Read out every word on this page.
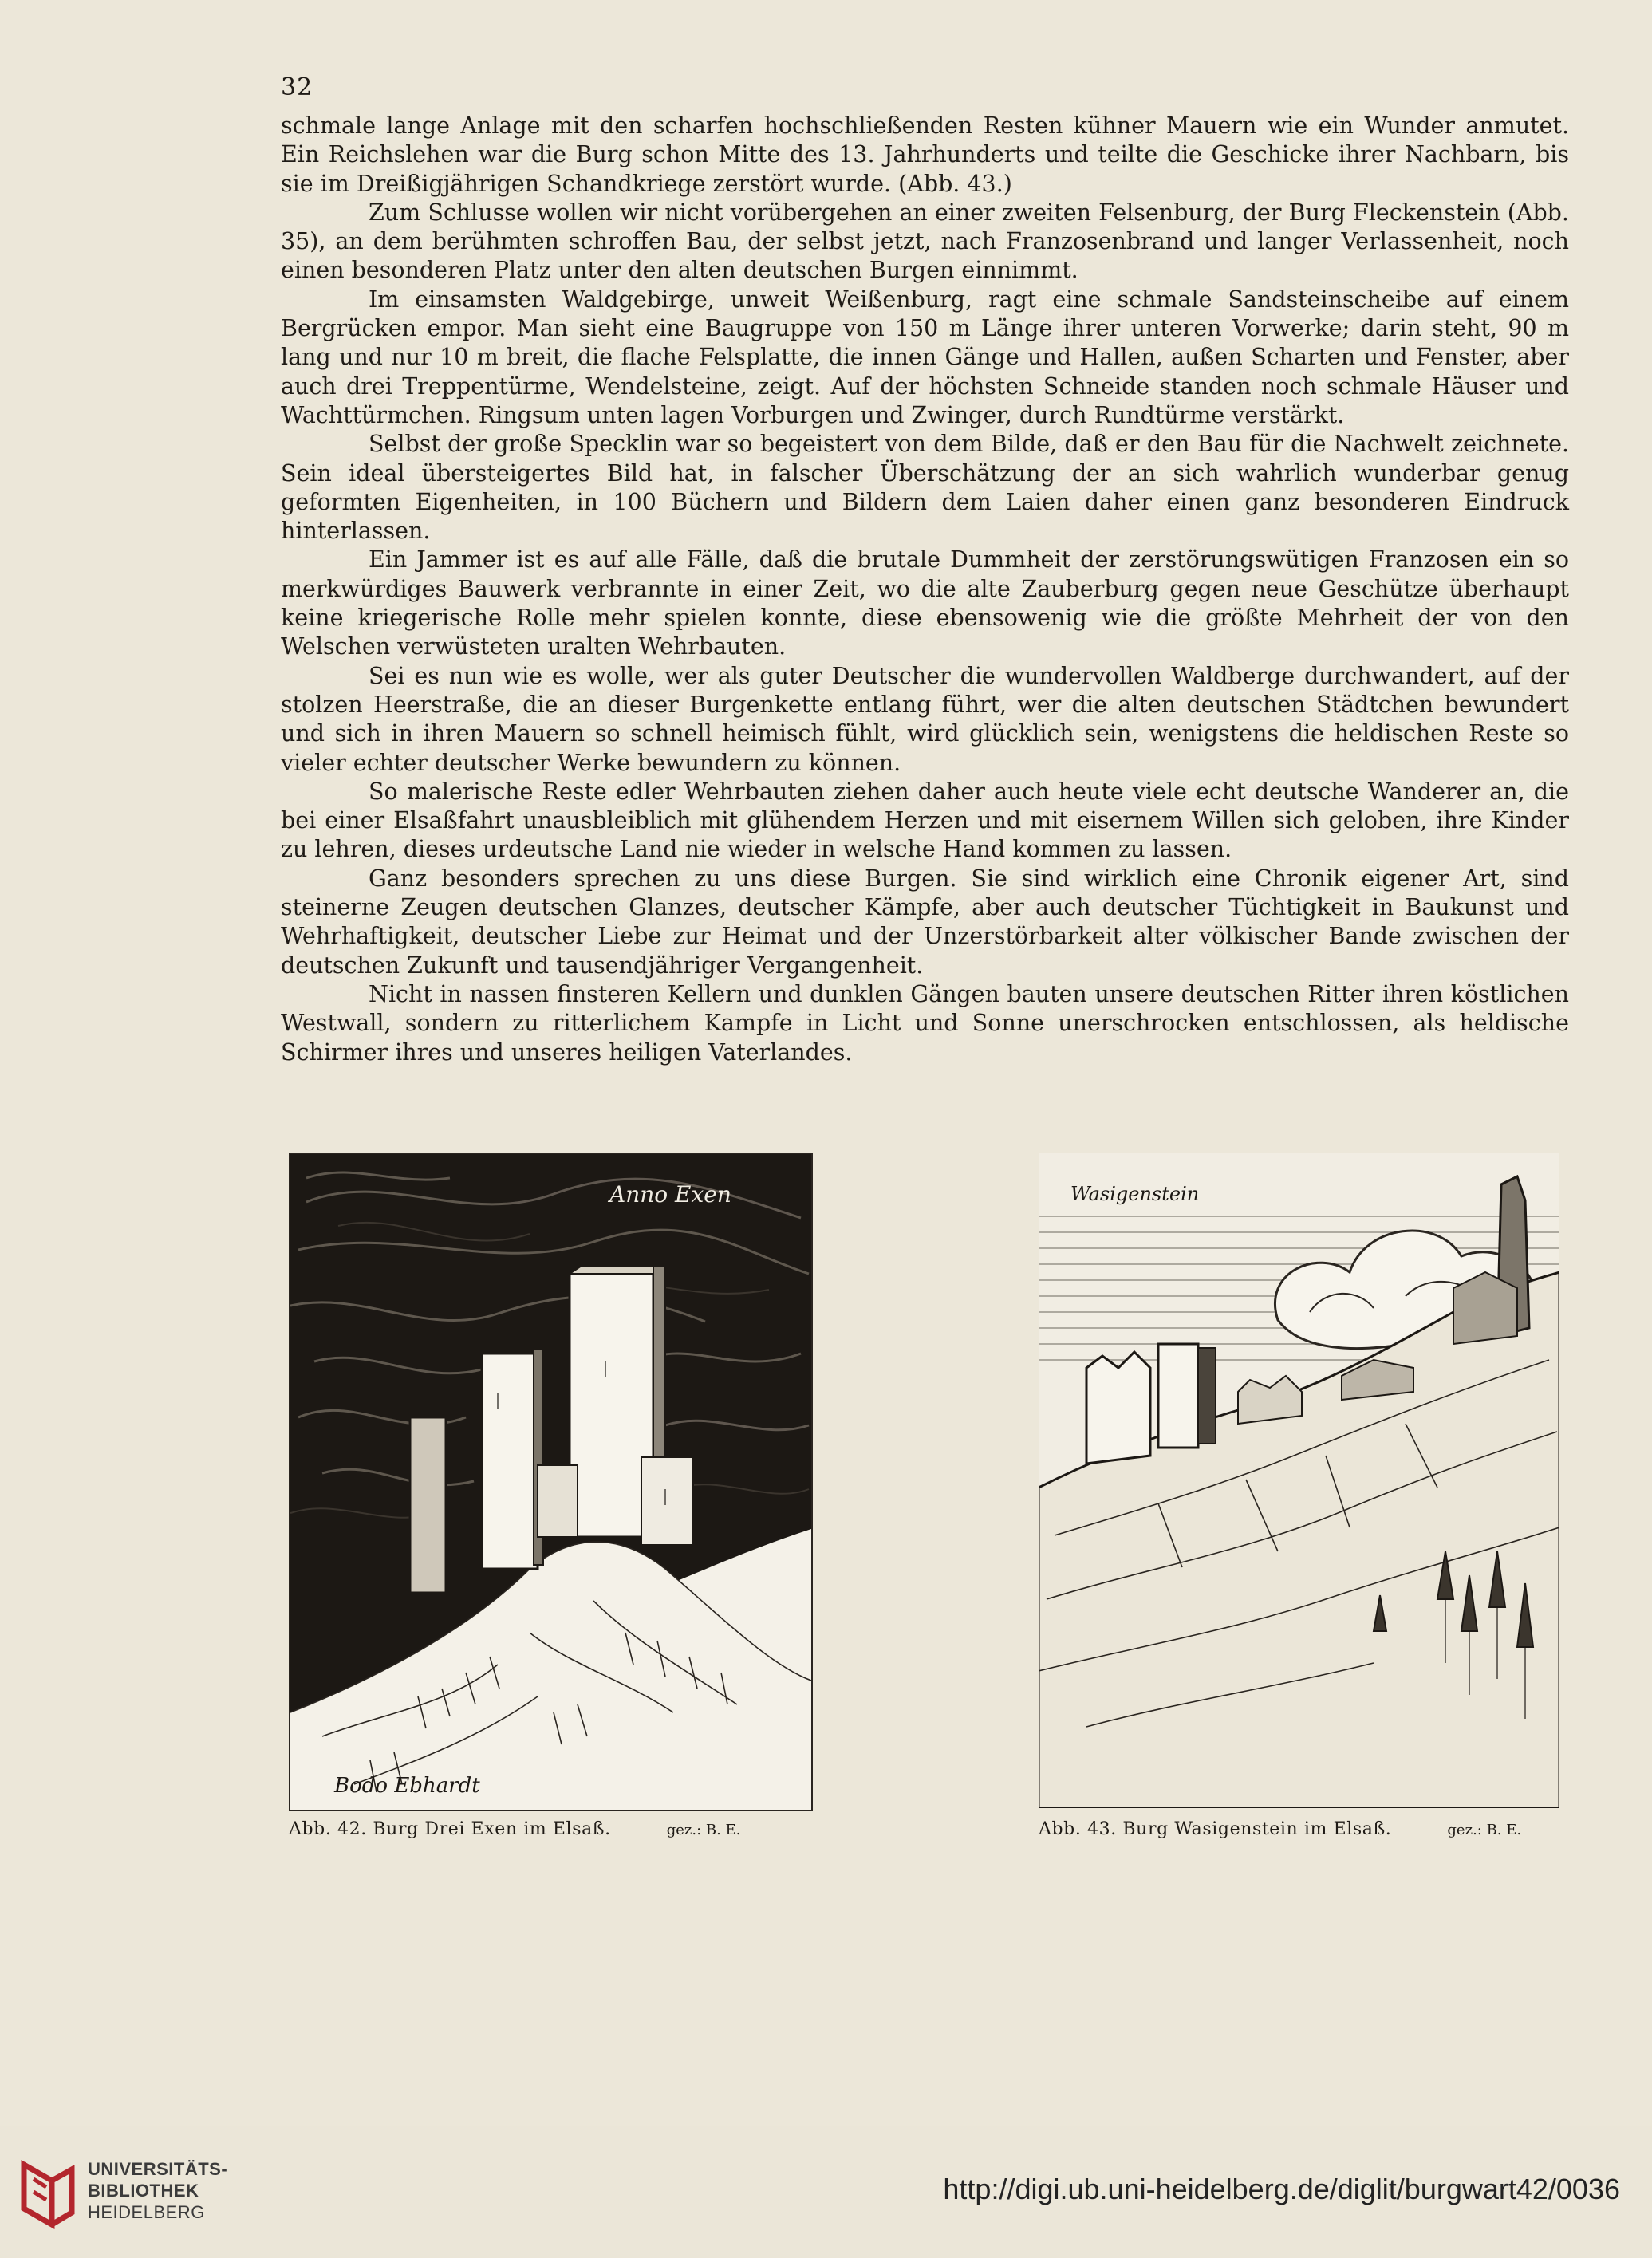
32

schmale lange Anlage mit den scharfen hochschließenden Resten kühner Mauern wie ein Wunder anmutet. Ein Reichslehen war die Burg schon Mitte des 13. Jahrhunderts und teilte die Geschicke ihrer Nachbarn, bis sie im Dreißigjährigen Schandkriege zerstört wurde. (Abb. 43.)

Zum Schlusse wollen wir nicht vorübergehen an einer zweiten Felsenburg, der Burg Fleckenstein (Abb. 35), an dem berühmten schroffen Bau, der selbst jetzt, nach Franzosenbrand und langer Verlassenheit, noch einen besonderen Platz unter den alten deutschen Burgen einnimmt.

Im einsamsten Waldgebirge, unweit Weißenburg, ragt eine schmale Sandsteinscheibe auf einem Bergrücken empor. Man sieht eine Baugruppe von 150 m Länge ihrer unteren Vorwerke; darin steht, 90 m lang und nur 10 m breit, die flache Felsplatte, die innen Gänge und Hallen, außen Scharten und Fenster, aber auch drei Treppentürme, Wendelsteine, zeigt. Auf der höchsten Schneide standen noch schmale Häuser und Wachttürmchen. Ringsum unten lagen Vorburgen und Zwinger, durch Rundtürme verstärkt.

Selbst der große Specklin war so begeistert von dem Bilde, daß er den Bau für die Nachwelt zeichnete. Sein ideal übersteigertes Bild hat, in falscher Überschätzung der an sich wahrlich wunderbar genug geformten Eigenheiten, in 100 Büchern und Bildern dem Laien daher einen ganz besonderen Eindruck hinterlassen.

Ein Jammer ist es auf alle Fälle, daß die brutale Dummheit der zerstörungswütigen Franzosen ein so merkwürdiges Bauwerk verbrannte in einer Zeit, wo die alte Zauberburg gegen neue Geschütze überhaupt keine kriegerische Rolle mehr spielen konnte, diese ebensowenig wie die größte Mehrheit der von den Welschen verwüsteten uralten Wehrbauten.

Sei es nun wie es wolle, wer als guter Deutscher die wundervollen Waldberge durchwandert, auf der stolzen Heerstraße, die an dieser Burgenkette entlang führt, wer die alten deutschen Städtchen bewundert und sich in ihren Mauern so schnell heimisch fühlt, wird glücklich sein, wenigstens die heldischen Reste so vieler echter deutscher Werke bewundern zu können.

So malerische Reste edler Wehrbauten ziehen daher auch heute viele echt deutsche Wanderer an, die bei einer Elsaßfahrt unausbleiblich mit glühendem Herzen und mit eisernem Willen sich geloben, ihre Kinder zu lehren, dieses urdeutsche Land nie wieder in welsche Hand kommen zu lassen.

Ganz besonders sprechen zu uns diese Burgen. Sie sind wirklich eine Chronik eigener Art, sind steinerne Zeugen deutschen Glanzes, deutscher Kämpfe, aber auch deutscher Tüchtigkeit in Baukunst und Wehrhaftigkeit, deutscher Liebe zur Heimat und der Unzerstörbarkeit alter völkischer Bande zwischen der deutschen Zukunft und tausendjähriger Vergangenheit.

Nicht in nassen finsteren Kellern und dunklen Gängen bauten unsere deutschen Ritter ihren köstlichen Westwall, sondern zu ritterlichem Kampfe in Licht und Sonne unerschrocken entschlossen, als heldische Schirmer ihres und unseres heiligen Vaterlandes.

Anno Exen
Bodo Ebhardt
Wasigenstein
Abb. 42. Burg Drei Exen im Elsaß.	gez.: B. E.	Abb. 43. Burg Wasigenstein im Elsaß.	gez.: B. E.
UNIVERSITÄTS-
BIBLIOTHEK
HEIDELBERG
http://digi.ub.uni-heidelberg.de/diglit/burgwart42/0036
